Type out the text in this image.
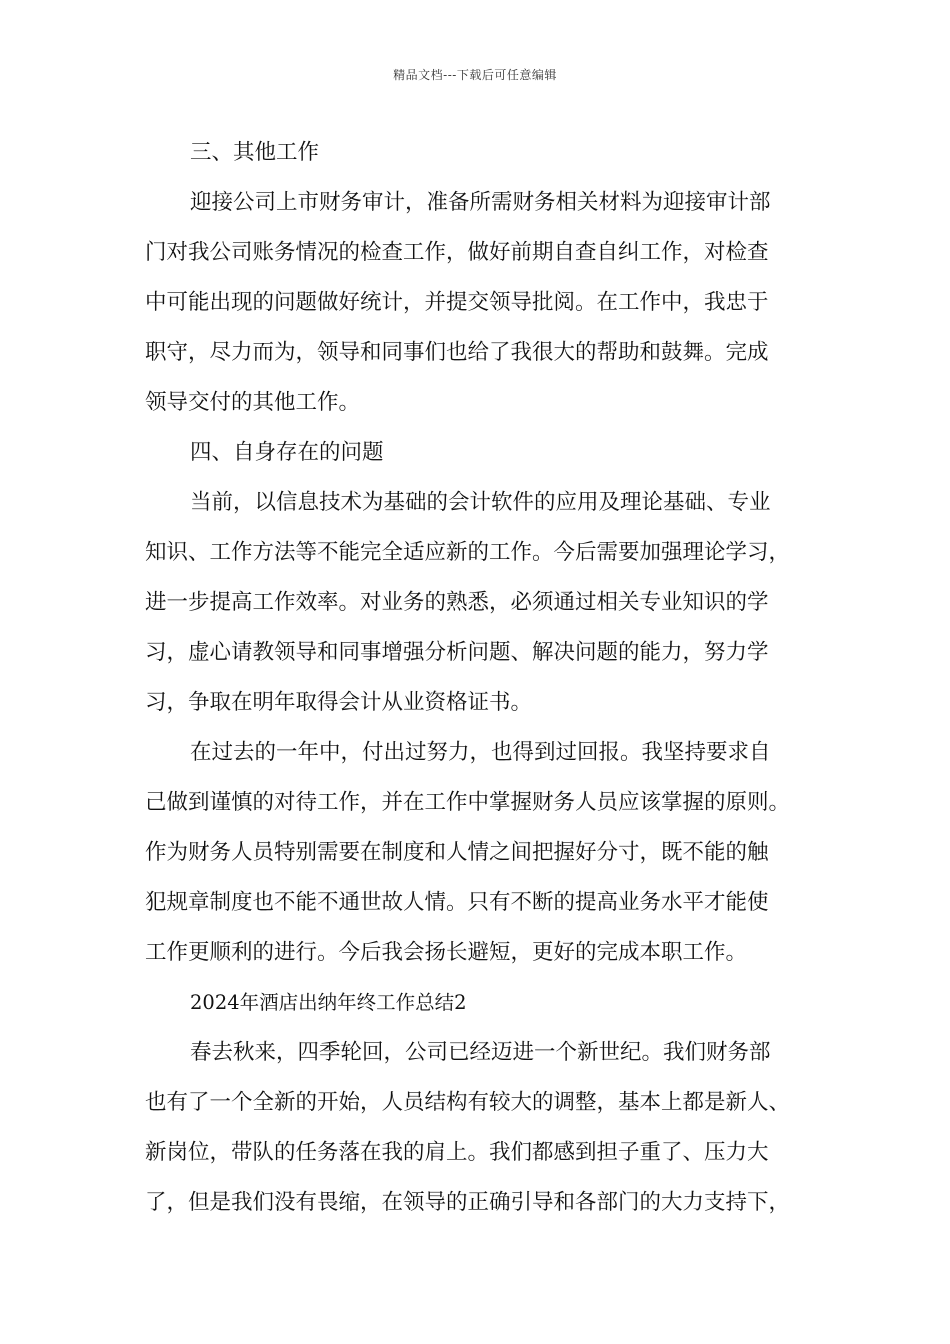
精品文档---下载后可任意编辑
三、其他工作
迎接公司上市财务审计，准备所需财务相关材料为迎接审计部
门对我公司账务情况的检查工作，做好前期自查自纠工作，对检查
中可能出现的问题做好统计，并提交领导批阅。在工作中，我忠于
职守，尽力而为，领导和同事们也给了我很大的帮助和鼓舞。完成
领导交付的其他工作。
四、自身存在的问题
当前，以信息技术为基础的会计软件的应用及理论基础、专业
知识、工作方法等不能完全适应新的工作。今后需要加强理论学习，
进一步提高工作效率。对业务的熟悉，必须通过相关专业知识的学
习，虚心请教领导和同事增强分析问题、解决问题的能力，努力学
习，争取在明年取得会计从业资格证书。
在过去的一年中，付出过努力，也得到过回报。我坚持要求自
己做到谨慎的对待工作，并在工作中掌握财务人员应该掌握的原则。
作为财务人员特别需要在制度和人情之间把握好分寸，既不能的触
犯规章制度也不能不通世故人情。只有不断的提高业务水平才能使
工作更顺利的进行。今后我会扬长避短，更好的完成本职工作。
2024年酒店出纳年终工作总结2
春去秋来，四季轮回，公司已经迈进一个新世纪。我们财务部
也有了一个全新的开始，人员结构有较大的调整，基本上都是新人、
新岗位，带队的任务落在我的肩上。我们都感到担子重了、压力大
了，但是我们没有畏缩，在领导的正确引导和各部门的大力支持下，
